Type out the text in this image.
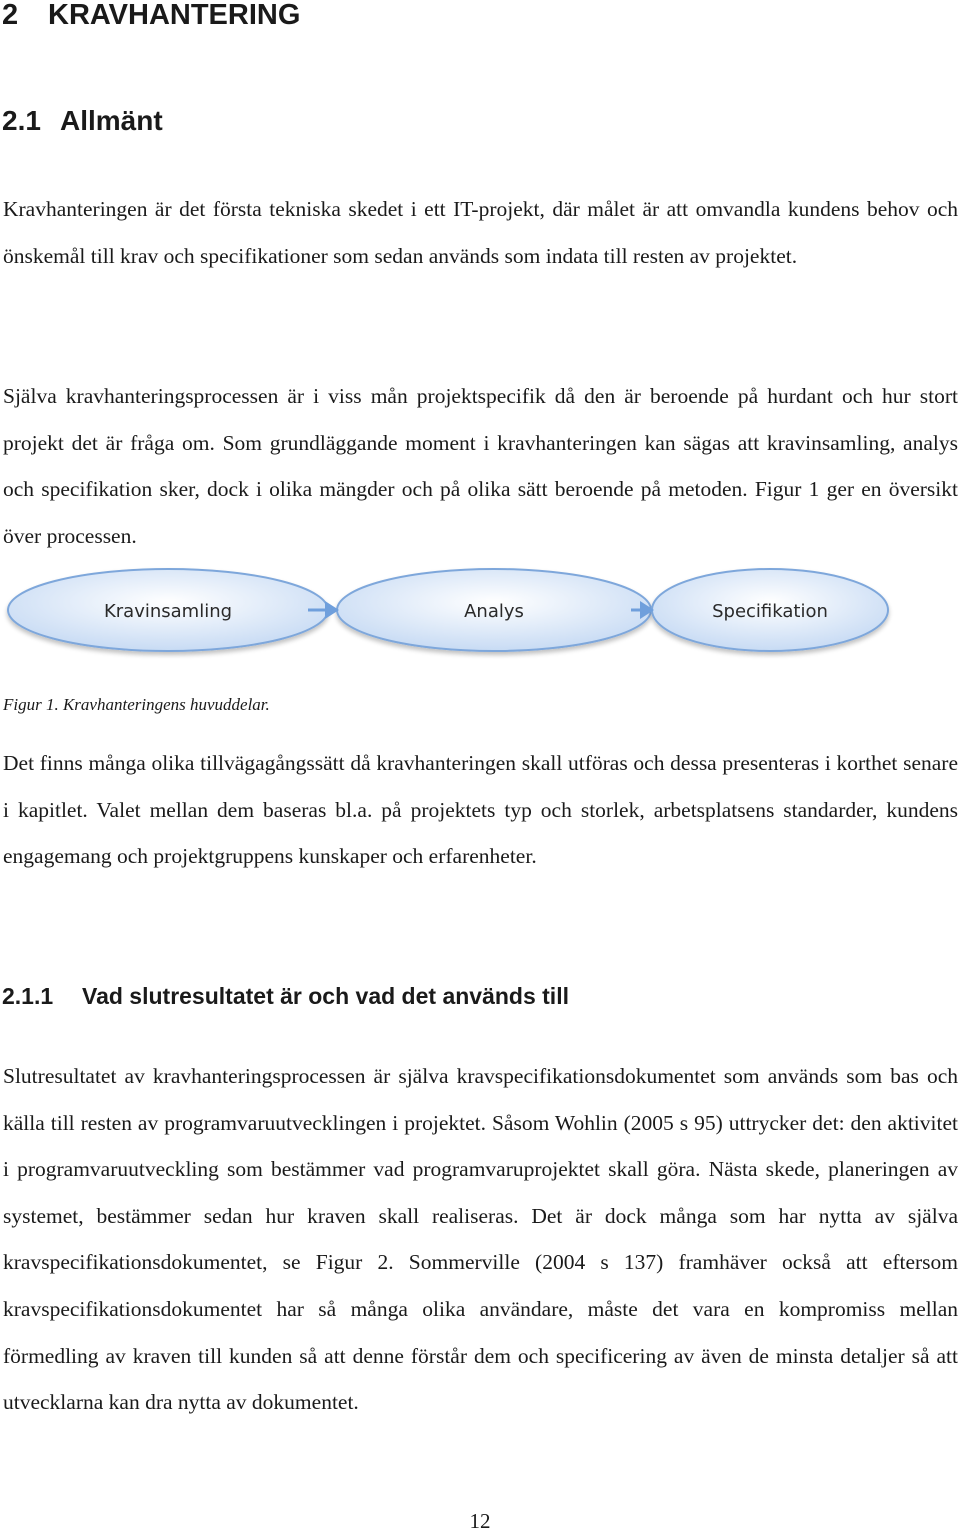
2 KRAVHANTERING
2.1 Allmänt

Kravhanteringen är det första tekniska skedet i ett IT-projekt, där målet är att omvandla kundens behov och önskemål till krav och specifikationer som sedan används som indata till resten av projektet.

Själva kravhanteringsprocessen är i viss mån projektspecifik då den är beroende på hurdant och hur stort projekt det är fråga om. Som grundläggande moment i kravhanteringen kan sägas att kravinsamling, analys och specifikation sker, dock i olika mängder och på olika sätt beroende på metoden. Figur 1 ger en översikt över processen.

Kravinsamling	Analys	Specifikation

Figur 1. Kravhanteringens huvuddelar.

Det finns många olika tillvägagångssätt då kravhanteringen skall utföras och dessa presenteras i korthet senare i kapitlet. Valet mellan dem baseras bl.a. på projektets typ och storlek, arbetsplatsens standarder, kundens engagemang och projektgruppens kunskaper och erfarenheter.

2.1.1 Vad slutresultatet är och vad det används till

Slutresultatet av kravhanteringsprocessen är själva kravspecifikationsdokumentet som används som bas och källa till resten av programvaruutvecklingen i projektet. Såsom Wohlin (2005 s 95) uttrycker det: den aktivitet i programvaruutveckling som bestämmer vad programvaruprojektet skall göra. Nästa skede, planeringen av systemet, bestämmer sedan hur kraven skall realiseras. Det är dock många som har nytta av själva kravspecifikationsdokumentet, se Figur 2. Sommerville (2004 s 137) framhäver också att eftersom kravspecifikationsdokumentet har så många olika användare, måste det vara en kompromiss mellan förmedling av kraven till kunden så att denne förstår dem och specificering av även de minsta detaljer så att utvecklarna kan dra nytta av dokumentet.

12
